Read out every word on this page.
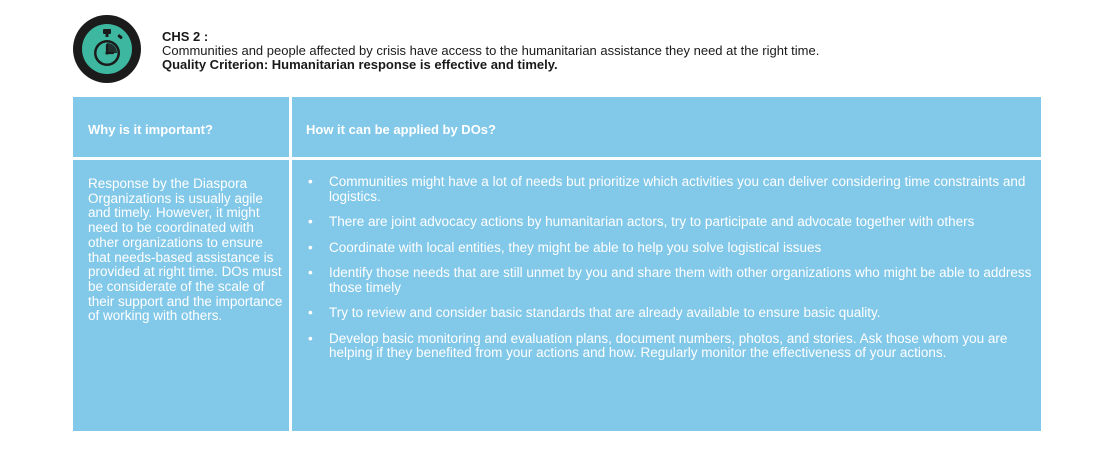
CHS 2 :
Communities and people affected by crisis have access to the humanitarian assistance they need at the right time.
Quality Criterion: Humanitarian response is effective and timely.
Why is it important?	How it can be applied by DOs?
Response by the Diaspora Organizations is usually agile and timely. However, it might need to be coordinated with other organizations to ensure that needs-based assistance is provided at right time. DOs must be considerate of the scale of their support and the importance of working with others.
• Communities might have a lot of needs but prioritize which activities you can deliver considering time constraints and logistics.
• There are joint advocacy actions by humanitarian actors, try to participate and advocate together with others
• Coordinate with local entities, they might be able to help you solve logistical issues
• Identify those needs that are still unmet by you and share them with other organizations who might be able to address those timely
• Try to review and consider basic standards that are already available to ensure basic quality.
• Develop basic monitoring and evaluation plans, document numbers, photos, and stories. Ask those whom you are helping if they benefited from your actions and how. Regularly monitor the effectiveness of your actions.
